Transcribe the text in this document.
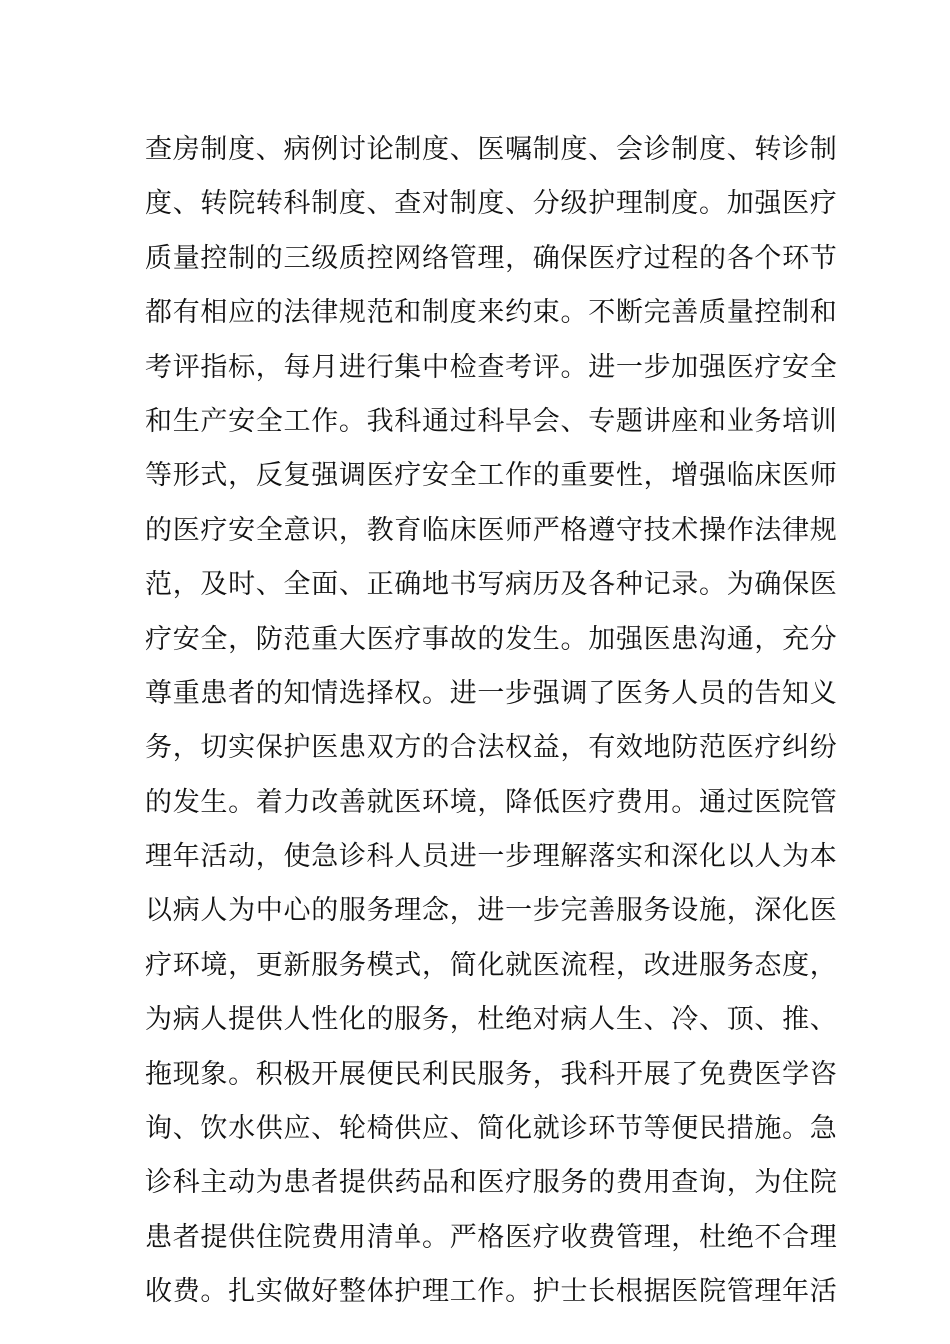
查房制度、病例讨论制度、医嘱制度、会诊制度、转诊制
度、转院转科制度、查对制度、分级护理制度。加强医疗
质量控制的三级质控网络管理，确保医疗过程的各个环节
都有相应的法律规范和制度来约束。不断完善质量控制和
考评指标，每月进行集中检查考评。进一步加强医疗安全
和生产安全工作。我科通过科早会、专题讲座和业务培训
等形式，反复强调医疗安全工作的重要性，增强临床医师
的医疗安全意识，教育临床医师严格遵守技术操作法律规
范，及时、全面、正确地书写病历及各种记录。为确保医
疗安全，防范重大医疗事故的发生。加强医患沟通，充分
尊重患者的知情选择权。进一步强调了医务人员的告知义
务，切实保护医患双方的合法权益，有效地防范医疗纠纷
的发生。着力改善就医环境，降低医疗费用。通过医院管
理年活动，使急诊科人员进一步理解落实和深化以人为本
以病人为中心的服务理念，进一步完善服务设施，深化医
疗环境，更新服务模式，简化就医流程，改进服务态度，
为病人提供人性化的服务，杜绝对病人生、冷、顶、推、
拖现象。积极开展便民利民服务，我科开展了免费医学咨
询、饮水供应、轮椅供应、简化就诊环节等便民措施。急
诊科主动为患者提供药品和医疗服务的费用查询，为住院
患者提供住院费用清单。严格医疗收费管理，杜绝不合理
收费。扎实做好整体护理工作。护士长根据医院管理年活
